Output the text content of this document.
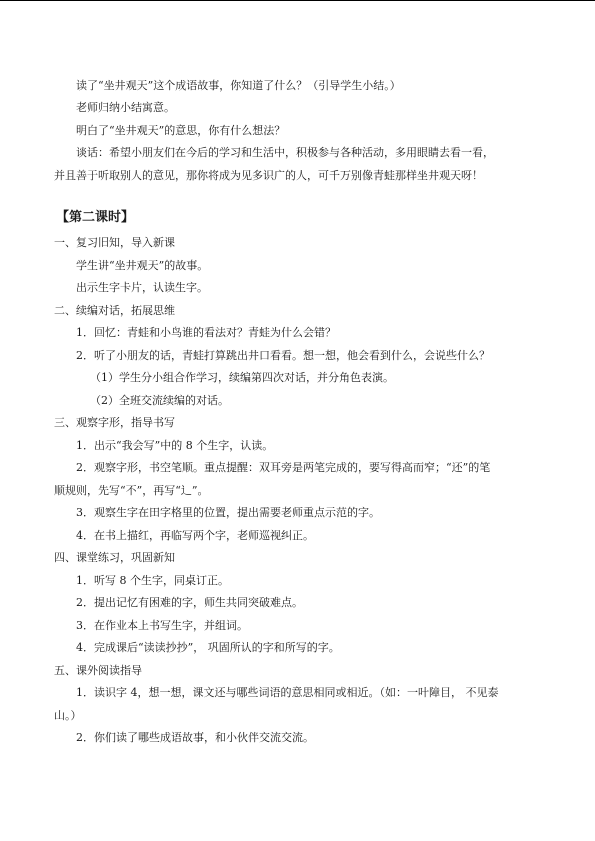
读了“坐井观天”这个成语故事，你知道了什么？（引导学生小结。）
老师归纳小结寓意。
明白了“坐井观天”的意思，你有什么想法？
谈话：希望小朋友们在今后的学习和生活中，积极参与各种活动，多用眼睛去看一看，
并且善于听取别人的意见，那你将成为见多识广的人，可千万别像青蛙那样坐井观天呀！
【第二课时】
一、复习旧知，导入新课
学生讲“坐井观天”的故事。
出示生字卡片，认读生字。
二、续编对话，拓展思维
1．回忆：青蛙和小鸟谁的看法对？青蛙为什么会错？
2．听了小朋友的话，青蛙打算跳出井口看看。想一想，他会看到什么，会说些什么？
（1）学生分小组合作学习，续编第四次对话，并分角色表演。
（2）全班交流续编的对话。
三、观察字形，指导书写
1．出示“我会写”中的 8 个生字，认读。
2．观察字形，书空笔顺。重点提醒：双耳旁是两笔完成的，要写得高而窄；“还”的笔
顺规则，先写“不”，再写“辶”。
3．观察生字在田字格里的位置，提出需要老师重点示范的字。
4．在书上描红，再临写两个字，老师巡视纠正。
四、课堂练习，巩固新知
1．听写 8 个生字，同桌订正。
2．提出记忆有困难的字，师生共同突破难点。
3．在作业本上书写生字，并组词。
4．完成课后“读读抄抄”， 巩固所认的字和所写的字。
五、课外阅读指导
1．读识字 4，想一想，课文还与哪些词语的意思相同或相近。（如：一叶障目， 不见泰
山。）
2．你们读了哪些成语故事，和小伙伴交流交流。
